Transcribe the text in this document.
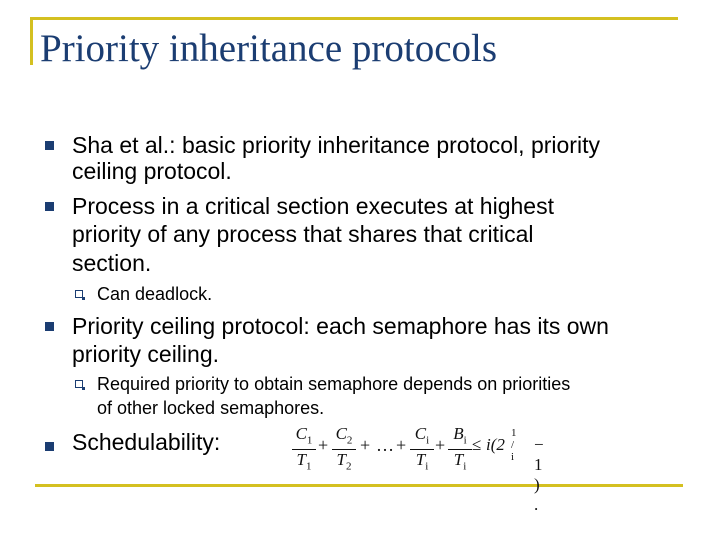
Priority inheritance protocols
Sha et al.: basic priority inheritance protocol, priority
ceiling protocol.
Process in a critical section executes at highest
priority of any process that shares that critical
section.
Can deadlock.
Priority ceiling protocol: each semaphore has its own
priority ceiling.
Required priority to obtain semaphore depends on priorities
of other locked semaphores.
Schedulability:	$\frac{C_1}{T_1} + \frac{C_2}{T_2}$ + … + $\frac{C_i}{T_i} + \frac{B_i}{T_i} \le i(2$
1 / i
− 1 ) .
